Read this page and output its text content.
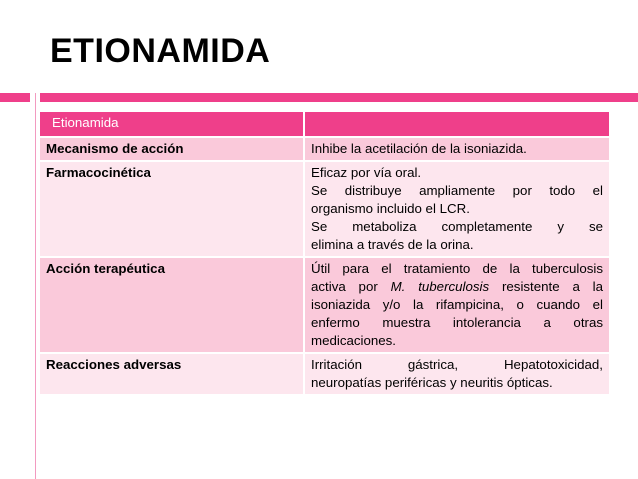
ETIONAMIDA
Etionamida	
Mecanismo de acción	Inhibe la acetilación de la isoniazida.

Farmacocinética	Eficaz por vía oral.
Se distribuye ampliamente por todo el
organismo incluido el LCR.
Se metaboliza completamente y se
elimina a través de la orina.

Acción terapéutica	Útil para el tratamiento de la tuberculosis
activa por M. tuberculosis resistente a la
isoniazida y/o la rifampicina, o cuando el
enfermo muestra intolerancia a otras
medicaciones.

Reacciones adversas	Irritación gástrica, Hepatotoxicidad,
neuropatías periféricas y neuritis ópticas.
